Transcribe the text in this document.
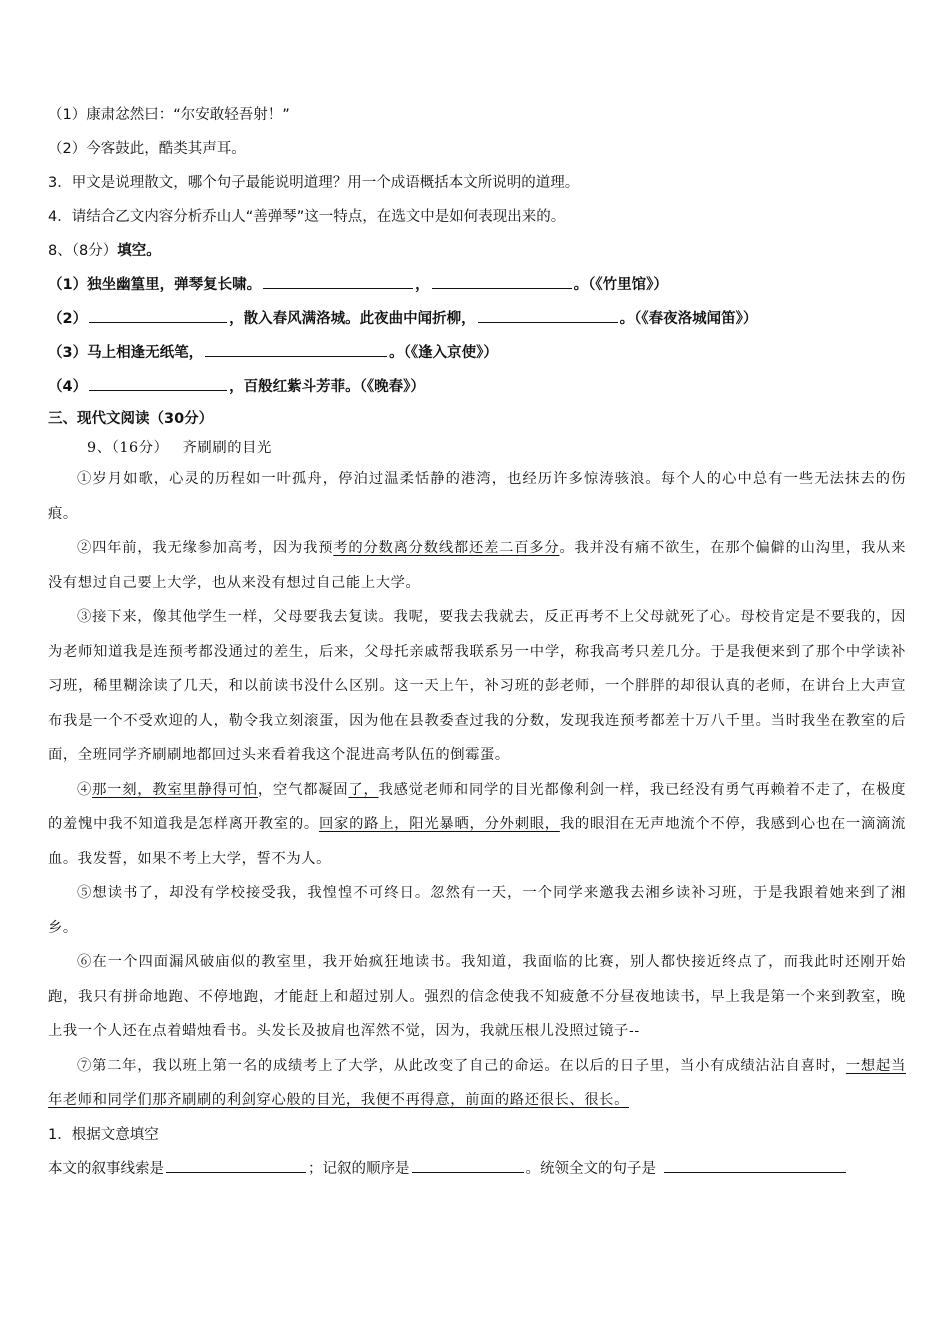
（1）康肃忿然曰：“尔安敢轻吾射！”
（2）今客鼓此，酷类其声耳。
3．甲文是说理散文，哪个句子最能说明道理？用一个成语概括本文所说明的道理。
4．请结合乙文内容分析乔山人“善弹琴”这一特点，在选文中是如何表现出来的。
8、（8分）填空。
（1）独坐幽篁里，弹琴复长啸。	，	。（《竹里馆》）
（2）	，散入春风满洛城。此夜曲中闻折柳，	。（《春夜洛城闻笛》）
（3）马上相逢无纸笔，	。（《逢入京使》）
（4）	，百般红紫斗芳菲。（《晚春》）
三、现代文阅读（30分）
9、（16分） 齐刷刷的目光

①岁月如歌，心灵的历程如一叶孤舟，停泊过温柔恬静的港湾，也经历许多惊涛骇浪。每个人的心中总有一些无法抹去的伤痕。

②四年前，我无缘参加高考，因为我预考的分数离分数线都还差二百多分。我并没有痛不欲生，在那个偏僻的山沟里，我从来没有想过自己要上大学，也从来没有想过自己能上大学。

③接下来，像其他学生一样，父母要我去复读。我呢，要我去我就去，反正再考不上父母就死了心。母校肯定是不要我的，因为老师知道我是连预考都没通过的差生，后来，父母托亲戚帮我联系另一中学，称我高考只差几分。于是我便来到了那个中学读补习班，稀里糊涂读了几天，和以前读书没什么区别。这一天上午，补习班的彭老师，一个胖胖的却很认真的老师，在讲台上大声宣布我是一个不受欢迎的人，勒令我立刻滚蛋，因为他在县教委查过我的分数，发现我连预考都差十万八千里。当时我坐在教室的后面，全班同学齐刷刷地都回过头来看着我这个混进高考队伍的倒霉蛋。

④那一刻，教室里静得可怕，空气都凝固了，我感觉老师和同学的目光都像利剑一样，我已经没有勇气再赖着不走了，在极度的羞愧中我不知道我是怎样离开教室的。回家的路上，阳光暴晒，分外刺眼，我的眼泪在无声地流个不停，我感到心也在一滴滴流血。我发誓，如果不考上大学，誓不为人。

⑤想读书了，却没有学校接受我，我惶惶不可终日。忽然有一天，一个同学来邀我去湘乡读补习班，于是我跟着她来到了湘乡。

⑥在一个四面漏风破庙似的教室里，我开始疯狂地读书。我知道，我面临的比赛，别人都快接近终点了，而我此时还刚开始跑，我只有拼命地跑、不停地跑，才能赶上和超过别人。强烈的信念使我不知疲惫不分昼夜地读书，早上我是第一个来到教室，晚上我一个人还在点着蜡烛看书。头发长及披肩也浑然不觉，因为，我就压根儿没照过镜子--

⑦第二年，我以班上第一名的成绩考上了大学，从此改变了自己的命运。在以后的日子里，当小有成绩沾沾自喜时，一想起当年老师和同学们那齐刷刷的利剑穿心般的目光，我便不再得意，前面的路还很长、很长。

1．根据文意填空
本文的叙事线索是	；记叙的顺序是	。统领全文的句子是
